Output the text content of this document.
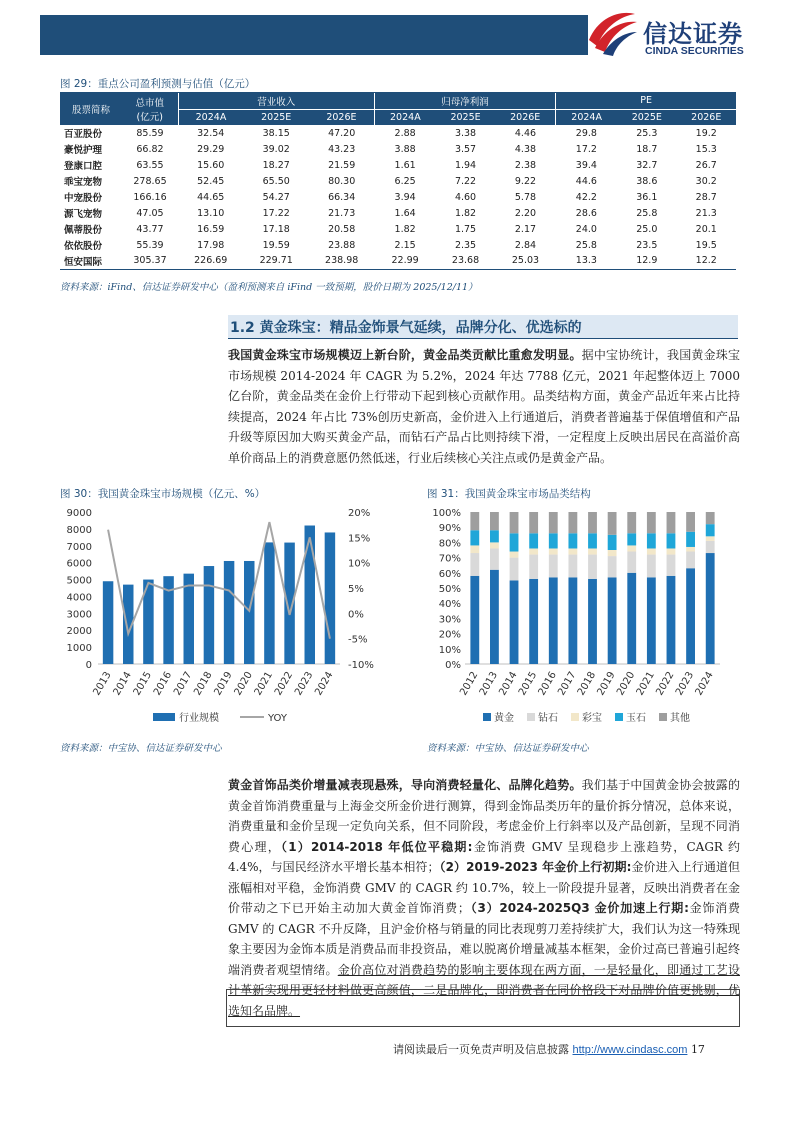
信达证券
CINDA SECURITIES
图 29：重点公司盈利预测与估值（亿元）
股票简称	总市值
(亿元)	营业收入			归母净利润			PE		
		2024A	2025E	2026E	2024A	2025E	2026E	2024A	2025E	2026E
百亚股份	85.59	32.54	38.15	47.20	2.88	3.38	4.46	29.8	25.3	19.2
豪悦护理	66.82	29.29	39.02	43.23	3.88	3.57	4.38	17.2	18.7	15.3
登康口腔	63.55	15.60	18.27	21.59	1.61	1.94	2.38	39.4	32.7	26.7
乖宝宠物	278.65	52.45	65.50	80.30	6.25	7.22	9.22	44.6	38.6	30.2
中宠股份	166.16	44.65	54.27	66.34	3.94	4.60	5.78	42.2	36.1	28.7
源飞宠物	47.05	13.10	17.22	21.73	1.64	1.82	2.20	28.6	25.8	21.3
佩蒂股份	43.77	16.59	17.18	20.58	1.82	1.75	2.17	24.0	25.0	20.1
依依股份	55.39	17.98	19.59	23.88	2.15	2.35	2.84	25.8	23.5	19.5
恒安国际	305.37	226.69	229.71	238.98	22.99	23.68	25.03	13.3	12.9	12.2
资料来源：iFind、信达证券研发中心（盈利预测来自 iFind 一致预期，股价日期为 2025/12/11）
1.2 黄金珠宝：精品金饰景气延续，品牌分化、优选标的
我国黄金珠宝市场规模迈上新台阶，黄金品类贡献比重愈发明显。据中宝协统计，我国黄金珠宝市场规模 2014-2024 年 CAGR 为 5.2%，2024 年达 7788 亿元，2021 年起整体迈上 7000 亿台阶，黄金品类在金价上行带动下起到核心贡献作用。品类结构方面，黄金产品近年来占比持续提高，2024 年占比 73%创历史新高，金价进入上行通道后，消费者普遍基于保值增值和产品升级等原因加大购买黄金产品，而钻石产品占比则持续下滑，一定程度上反映出居民在高溢价高单价商品上的消费意愿仍然低迷，行业后续核心关注点或仍是黄金产品。
图 30：我国黄金珠宝市场规模（亿元、%）	图 31：我国黄金珠宝市场品类结构
0
1000
2000
3000
4000
5000
6000
7000
8000
9000
-10%
-5%
0%
5%
10%
15%
20%
2013
2014
2015
2016
2017
2018
2019
2020
2021
2022
2023
2024
行业规模	YOY
0%
10%
20%
30%
40%
50%
60%
70%
80%
90%
100%
2012
2013
2014
2015
2016
2017
2018
2019
2020
2021
2022
2023
2024
黄金 钻石 彩宝 玉石 其他
资料来源：中宝协、信达证券研发中心	资料来源：中宝协、信达证券研发中心
黄金首饰品类价增量减表现悬殊，导向消费轻量化、品牌化趋势。我们基于中国黄金协会披露的黄金首饰消费重量与上海金交所金价进行测算，得到金饰品类历年的量价拆分情况，总体来说，消费重量和金价呈现一定负向关系，但不同阶段，考虑金价上行斜率以及产品创新，呈现不同消费心理，（1）2014-2018 年低位平稳期:金饰消费 GMV 呈现稳步上涨趋势，CAGR 约 4.4%，与国民经济水平增长基本相符；（2）2019-2023 年金价上行初期:金价进入上行通道但涨幅相对平稳，金饰消费 GMV 的 CAGR 约 10.7%，较上一阶段提升显著，反映出消费者在金价带动之下已开始主动加大黄金首饰消费；（3）2024-2025Q3 金价加速上行期:金饰消费 GMV 的 CAGR 不升反降，且沪金价格与销量的同比表现剪刀差持续扩大，我们认为这一特殊现象主要因为金饰本质是消费品而非投资品，难以脱离价增量减基本框架，金价过高已普遍引起终端消费者观望情绪。金价高位对消费趋势的影响主要体现在两方面，一是轻量化，即通过工艺设计革新实现用更轻材料做更高颜值，二是品牌化，即消费者在同价格段下对品牌价值更挑剔，优选知名品牌。
请阅读最后一页免责声明及信息披露 http://www.cindasc.com 17
